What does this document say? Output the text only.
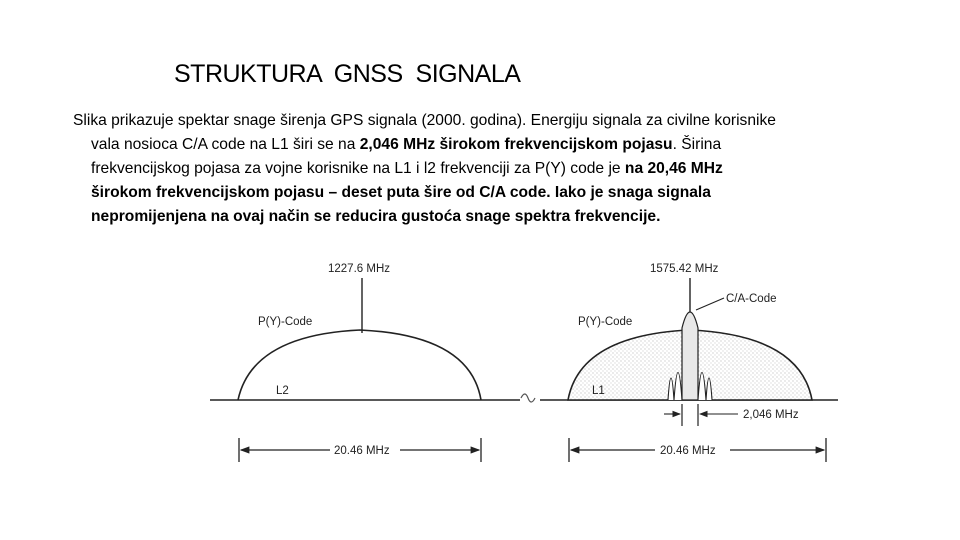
STRUKTURA  GNSS  SIGNALA
Slika prikazuje spektar snage širenja GPS signala (2000. godina). Energiju signala za civilne korisnike
vala nosioca C/A code na L1 širi se na 2,046 MHz širokom frekvencijskom pojasu. Širina
frekvencijskog pojasa za vojne korisnike na L1 i l2 frekvenciji za P(Y) code je na 20,46 MHz
širokom frekvencijskom pojasu – deset puta šire od C/A code. Iako je snaga signala
nepromijenjena na ovaj način se reducira gustoća snage spektra frekvencije.
1227.6 MHz
P(Y)-Code
L2
20.46 MHz
1575.42 MHz
P(Y)-Code
C/A-Code
L1
2,046 MHz
20.46 MHz
